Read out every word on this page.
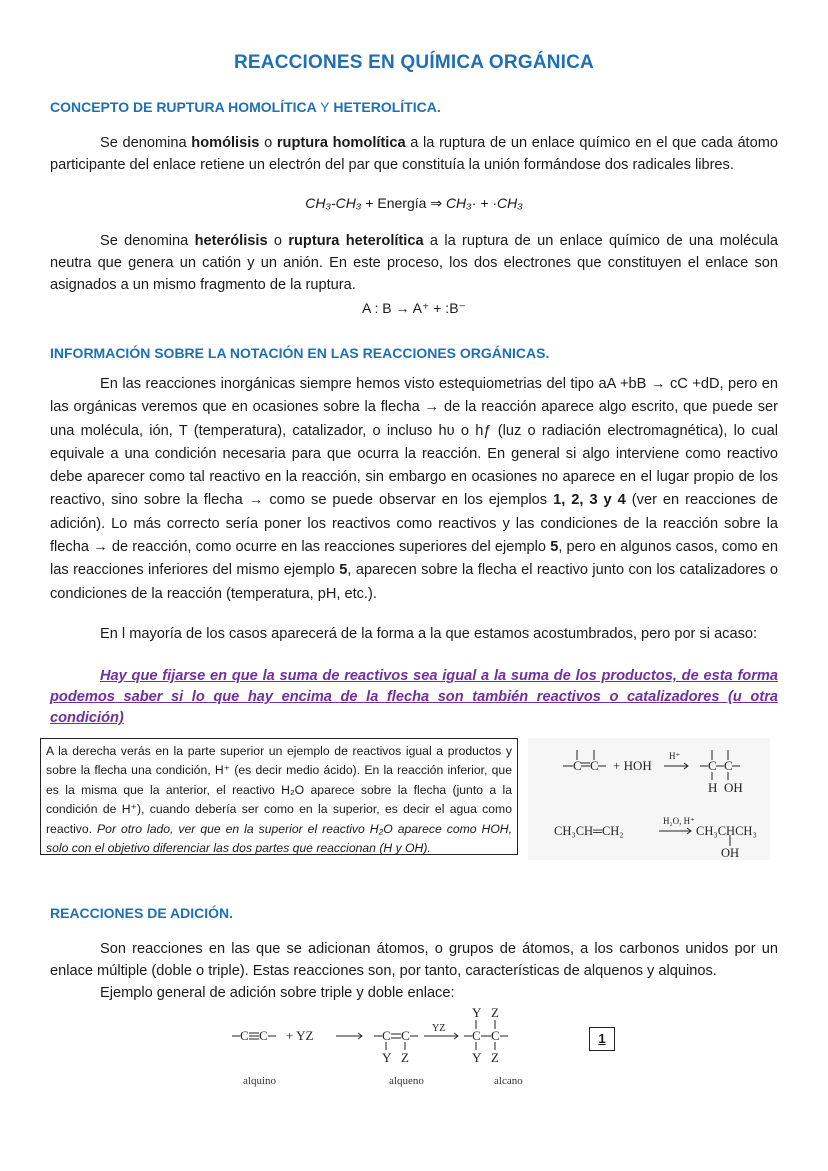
REACCIONES EN QUÍMICA ORGÁNICA
CONCEPTO DE RUPTURA HOMOLÍTICA Y HETEROLÍTICA.

Se denomina homólisis o ruptura homolítica a la ruptura de un enlace químico en el que cada átomo participante del enlace retiene un electrón del par que constituía la unión formándose dos radicales libres.

CH₃-CH₃ + Energía ⇒ CH₃· + ·CH₃

Se denomina heterólisis o ruptura heterolítica a la ruptura de un enlace químico de una molécula neutra que genera un catión y un anión. En este proceso, los dos electrones que constituyen el enlace son asignados a un mismo fragmento de la ruptura.

A : B → A⁺ + :B⁻
INFORMACIÓN SOBRE LA NOTACIÓN EN LAS REACCIONES ORGÁNICAS.

En las reacciones inorgánicas siempre hemos visto estequiometrias del tipo aA +bB → cC +dD, pero en las orgánicas veremos que en ocasiones sobre la flecha → de la reacción aparece algo escrito, que puede ser una molécula, ión, T (temperatura), catalizador, o incluso hυ o hƒ (luz o radiación electromagnética), lo cual equivale a una condición necesaria para que ocurra la reacción. En general si algo interviene como reactivo debe aparecer como tal reactivo en la reacción, sin embargo en ocasiones no aparece en el lugar propio de los reactivo, sino sobre la flecha → como se puede observar en los ejemplos 1, 2, 3 y 4 (ver en reacciones de adición). Lo más correcto sería poner los reactivos como reactivos y las condiciones de la reacción sobre la flecha → de reacción, como ocurre en las reacciones superiores del ejemplo 5, pero en algunos casos, como en las reacciones inferiores del mismo ejemplo 5, aparecen sobre la flecha el reactivo junto con los catalizadores o condiciones de la reacción (temperatura, pH, etc.).

En l mayoría de los casos aparecerá de la forma a la que estamos acostumbrados, pero por si acaso:

Hay que fijarse en que la suma de reactivos sea igual a la suma de los productos, de esta forma podemos saber si lo que hay encima de la flecha son también reactivos o catalizadores (u otra condición)
A la derecha verás en la parte superior un ejemplo de reactivos igual a productos y sobre la flecha una condición, H⁺ (es decir medio ácido). En la reacción inferior, que es la misma que la anterior, el reactivo H₂O aparece sobre la flecha (junto a la condición de H⁺), cuando debería ser como en la superior, es decir el agua como reactivo. Por otro lado, ver que en la superior el reactivo H₂O aparece como HOH, solo con el objetivo diferenciar las dos partes que reaccionan (H y OH).
C C + HOH
H⁺
C C
H OH
CH₃CH═CH₂
H₂O, H⁺
CH₃CHCH₃
OH
REACCIONES DE ADICIÓN.

Son reacciones en las que se adicionan átomos, o grupos de átomos, a los carbonos unidos por un enlace múltiple (doble o triple). Estas reacciones son, por tanto, características de alquenos y alquinos.

Ejemplo general de adición sobre triple y doble enlace:

C C + YZ	C C
Y Z
YZ C C
Y Z
Y Z
alquino	alqueno	alcano
1
